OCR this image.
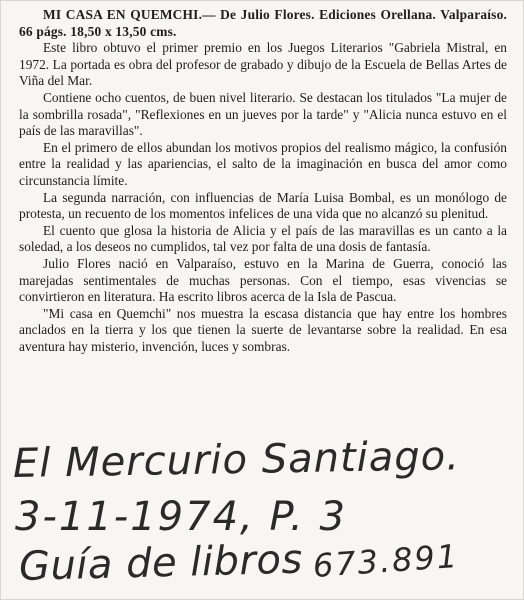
MI CASA EN QUEMCHI.— De Julio Flores. Ediciones Orellana. Valparaíso. 66 págs. 18,50 x 13,50 cms.

Este libro obtuvo el primer premio en los Juegos Literarios "Gabriela Mistral, en 1972. La portada es obra del profesor de grabado y dibujo de la Escuela de Bellas Artes de Viña del Mar.

Contiene ocho cuentos, de buen nivel literario. Se destacan los titulados "La mujer de la sombrilla rosada", "Reflexiones en un jueves por la tarde" y "Alicia nunca estuvo en el país de las maravillas".

En el primero de ellos abundan los motivos propios del realismo mágico, la confusión entre la realidad y las apariencias, el salto de la imaginación en busca del amor como circunstancia límite.

La segunda narración, con influencias de María Luisa Bombal, es un monólogo de protesta, un recuento de los momentos infelices de una vida que no alcanzó su plenitud.

El cuento que glosa la historia de Alicia y el país de las maravillas es un canto a la soledad, a los deseos no cumplidos, tal vez por falta de una dosis de fantasía.

Julio Flores nació en Valparaíso, estuvo en la Marina de Guerra, conoció las marejadas sentimentales de muchas personas. Con el tiempo, esas vivencias se convirtieron en literatura. Ha escrito libros acerca de la Isla de Pascua.

"Mi casa en Quemchi" nos muestra la escasa distancia que hay entre los hombres anclados en la tierra y los que tienen la suerte de levantarse sobre la realidad. En esa aventura hay misterio, invención, luces y sombras.

El Mercurio Santiago.
3-11-1974, P. 3
Guía de libros 673.891
